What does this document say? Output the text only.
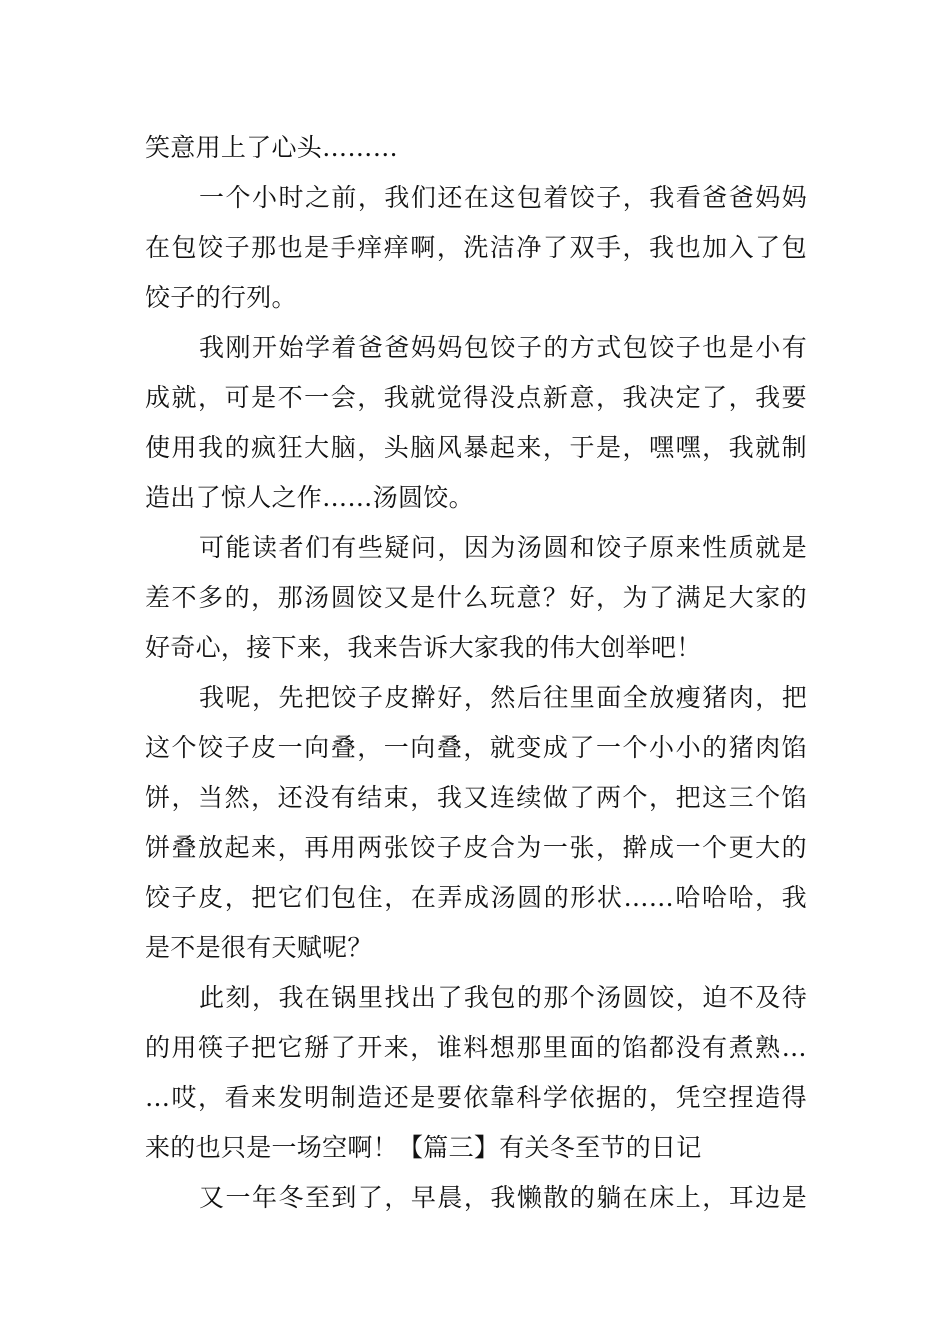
笑意用上了心头………

一个小时之前，我们还在这包着饺子，我看爸爸妈妈
在包饺子那也是手痒痒啊，洗洁净了双手，我也加入了包
饺子的行列。

我刚开始学着爸爸妈妈包饺子的方式包饺子也是小有
成就，可是不一会，我就觉得没点新意，我决定了，我要
使用我的疯狂大脑，头脑风暴起来，于是，嘿嘿，我就制
造出了惊人之作……汤圆饺。

可能读者们有些疑问，因为汤圆和饺子原来性质就是
差不多的，那汤圆饺又是什么玩意？好，为了满足大家的
好奇心，接下来，我来告诉大家我的伟大创举吧！

我呢，先把饺子皮擀好，然后往里面全放瘦猪肉，把
这个饺子皮一向叠，一向叠，就变成了一个小小的猪肉馅
饼，当然，还没有结束，我又连续做了两个，把这三个馅
饼叠放起来，再用两张饺子皮合为一张，擀成一个更大的
饺子皮，把它们包住，在弄成汤圆的形状……哈哈哈，我
是不是很有天赋呢？

此刻，我在锅里找出了我包的那个汤圆饺，迫不及待
的用筷子把它掰了开来，谁料想那里面的馅都没有煮熟…
…哎，看来发明制造还是要依靠科学依据的，凭空捏造得
来的也只是一场空啊！【篇三】有关冬至节的日记

又一年冬至到了，早晨，我懒散的躺在床上，耳边是
